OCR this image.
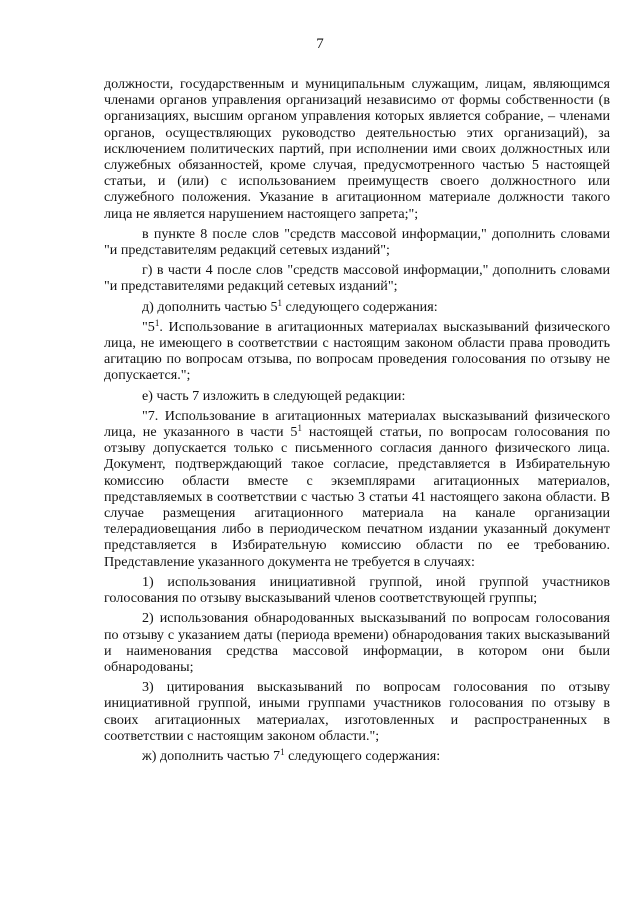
7

должности, государственным и муниципальным служащим, лицам, являющимся членами органов управления организаций независимо от формы собственности (в организациях, высшим органом управления которых является собрание, – членами органов, осуществляющих руководство деятельностью этих организаций), за исключением политических партий, при исполнении ими своих должностных или служебных обязанностей, кроме случая, предусмотренного частью 5 настоящей статьи, и (или) с использованием преимуществ своего должностного или служебного положения. Указание в агитационном материале должности такого лица не является нарушением настоящего запрета;";

в пункте 8 после слов "средств массовой информации," дополнить словами "и представителям редакций сетевых изданий";

г) в части 4 после слов "средств массовой информации," дополнить словами "и представителями редакций сетевых изданий";

д) дополнить частью $5^1$ следующего содержания:

"$5^1$. Использование в агитационных материалах высказываний физического лица, не имеющего в соответствии с настоящим законом области права проводить агитацию по вопросам отзыва, по вопросам проведения голосования по отзыву не допускается.";

е) часть 7 изложить в следующей редакции:

"7. Использование в агитационных материалах высказываний физического лица, не указанного в части $5^1$ настоящей статьи, по вопросам голосования по отзыву допускается только с письменного согласия данного физического лица. Документ, подтверждающий такое согласие, представляется в Избирательную комиссию области вместе с экземплярами агитационных материалов, представляемых в соответствии с частью 3 статьи 41 настоящего закона области. В случае размещения агитационного материала на канале организации телерадиовещания либо в периодическом печатном издании указанный документ представляется в Избирательную комиссию области по ее требованию. Представление указанного документа не требуется в случаях:

1) использования инициативной группой, иной группой участников голосования по отзыву высказываний членов соответствующей группы;

2) использования обнародованных высказываний по вопросам голосования по отзыву с указанием даты (периода времени) обнародования таких высказываний и наименования средства массовой информации, в котором они были обнародованы;

3) цитирования высказываний по вопросам голосования по отзыву инициативной группой, иными группами участников голосования по отзыву в своих агитационных материалах, изготовленных и распространенных в соответствии с настоящим законом области.";

ж) дополнить частью $7^1$ следующего содержания:
